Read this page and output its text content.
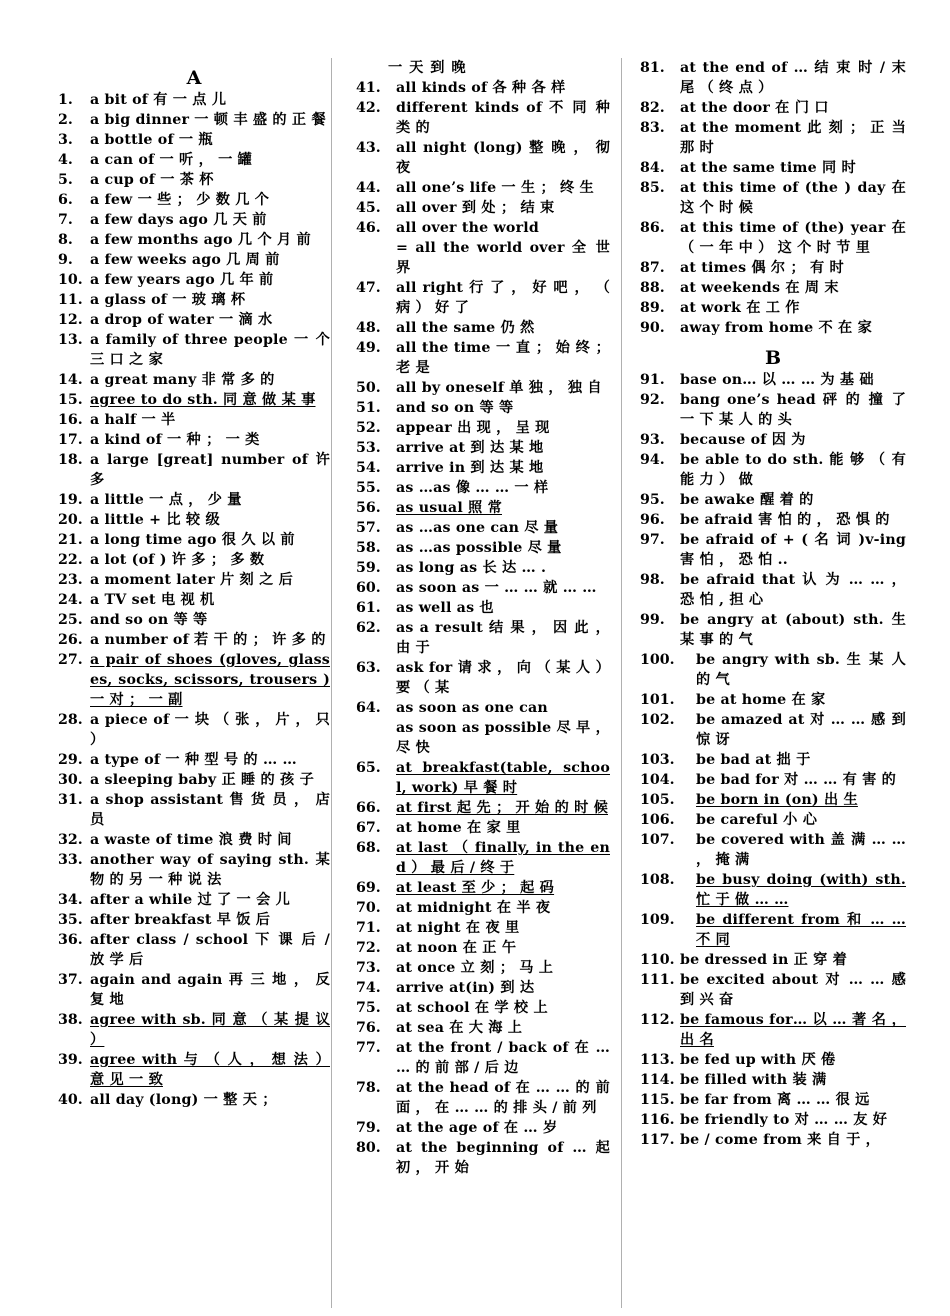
A
1.	a bit of 有 一 点 儿
2.	a big dinner 一 顿 丰 盛 的 正 餐
3.	a bottle of 一 瓶
4.	a can of 一 听 ， 一 罐
5.	a cup of 一 茶 杯
6.	a few 一 些 ； 少 数 几 个
7.	a few days ago 几 天 前
8.	a few months ago 几 个 月 前
9.	a few weeks ago 几 周 前
10. a few years ago 几 年 前
11. a glass of 一 玻 璃 杯
12. a drop of water 一 滴 水
13. a family of three people 一 个 三 口 之 家
14. a great many 非 常 多 的
15. agree to do sth. 同 意 做 某 事
16. a half 一 半
17. a kind of 一 种 ； 一 类
18. a large [great] number of 许 多
19. a little 一 点 ， 少 量
20. a little + 比 较 级
21. a long time ago 很 久 以 前
22. a lot (of ) 许 多 ； 多 数
23. a moment later 片 刻 之 后
24. a TV set 电 视 机
25. and so on 等 等
26. a number of 若 干 的 ； 许 多 的
27. a pair of shoes (gloves, glasses, socks, scissors, trousers ) 一 对 ； 一 副
28. a piece of 一 块 （ 张 ， 片 ， 只 ）
29. a type of 一 种 型 号 的 … …
30. a sleeping baby 正 睡 的 孩 子
31. a shop assistant 售 货 员 ， 店 员
32. a waste of time 浪 费 时 间
33. another way of saying sth. 某 物 的 另 一 种 说 法
34. after a while 过 了 一 会 儿
35. after breakfast 早 饭 后
36. after class / school 下 课 后 / 放 学 后
37. again and again 再 三 地 ， 反 复 地
38. agree with sb. 同 意 （ 某 提 议 ）
39. agree with 与 （ 人 ， 想 法 ） 意 见 一 致
40. all day (long) 一 整 天 ；
一 天 到 晚
41.	all kinds of 各 种 各 样
42.	different kinds of 不 同 种 类 的
43.	all night (long) 整 晚 ， 彻 夜
44.	all one’s life 一 生 ； 终 生
45.	all over 到 处 ； 结 束
46.	all over the world
= all the world over 全 世 界
47.	all right 行 了 ， 好 吧 ， （ 病 ） 好 了
48.	all the same 仍 然
49.	all the time 一 直 ； 始 终 ； 老 是
50.	all by oneself 单 独 ， 独 自
51.	and so on 等 等
52.	appear 出 现 ， 呈 现
53.	arrive at 到 达 某 地
54.	arrive in 到 达 某 地
55.	as …as 像 … … 一 样
56.	as usual 照 常
57.	as …as one can 尽 量
58.	as …as possible 尽 量
59.	as long as 长 达 … .
60.	as soon as 一 … … 就 … …
61.	as well as 也
62.	as a result 结 果 ， 因 此 ， 由 于
63.	ask for 请 求 ， 向 （ 某 人 ） 要 （ 某
64.	as soon as one can
as soon as possible 尽 早 ， 尽 快
65.	at breakfast(table, school, work) 早 餐 时
66.	at first 起 先 ； 开 始 的 时 候
67.	at home 在 家 里
68.	at last （ finally, in the end ） 最 后 / 终 于
69.	at least 至 少 ； 起 码
70.	at midnight 在 半 夜
71.	at night 在 夜 里
72.	at noon 在 正 午
73.	at once 立 刻 ； 马 上
74.	arrive at(in) 到 达
75.	at school 在 学 校 上
76.	at sea 在 大 海 上
77.	at the front / back of 在 … … 的 前 部 / 后 边
78.	at the head of 在 … … 的 前 面 ， 在 … … 的 排 头 / 前 列
79.	at the age of 在 … 岁
80.	at the beginning of … 起 初 ， 开 始
81.	at the end of … 结 束 时 / 末 尾 （ 终 点 ）
82.	at the door 在 门 口
83.	at the moment 此 刻 ； 正 当 那 时
84.	at the same time 同 时
85.	at this time of (the ) day 在 这 个 时 候
86.	at this time of (the) year 在 （ 一 年 中 ） 这 个 时 节 里
87.	at times 偶 尔 ； 有 时
88.	at weekends 在 周 末
89.	at work 在 工 作
90.	away from home 不 在 家
B
91.	base on… 以 … … 为 基 础
92.	bang one’s head 砰 的 撞 了 一 下 某 人 的 头
93.	because of 因 为
94.	be able to do sth. 能 够 （ 有 能 力 ） 做
95.	be awake 醒 着 的
96.	be afraid 害 怕 的 ， 恐 惧 的
97.	be afraid of + ( 名 词 )v-ing 害 怕 ， 恐 怕 ..
98.	be afraid that 认 为 … … ， 恐 怕 , 担 心
99.	be angry at (about) sth. 生 某 事 的 气
100.	be angry with sb. 生 某 人 的 气
101.	be at home 在 家
102.	be amazed at 对 … … 感 到 惊 讶
103.	be bad at 拙 于
104.	be bad for 对 … … 有 害 的
105.	be born in (on) 出 生
106.	be careful 小 心
107.	be covered with 盖 满 … … ， 掩 满
108.	be busy doing (with) sth. 忙 于 做 … …
109.	be different from 和 … … 不 同
110. be dressed in 正 穿 着
111. be excited about 对 … … 感 到 兴 奋
112. be famous for… 以 … 著 名 ， 出 名
113. be fed up with 厌 倦
114. be filled with 装 满
115. be far from 离 … … 很 远
116. be friendly to 对 … … 友 好
117. be / come from 来 自 于 ，
